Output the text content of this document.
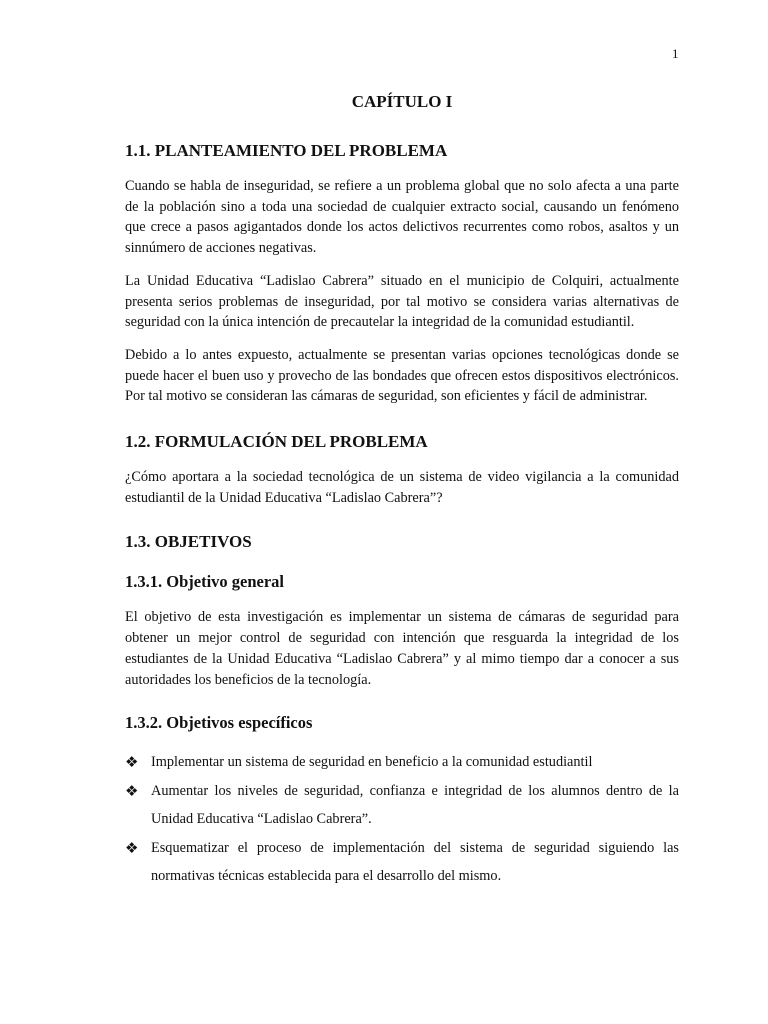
1
CAPÍTULO I
1.1. PLANTEAMIENTO DEL PROBLEMA

Cuando se habla de inseguridad, se refiere a un problema global que no solo afecta a una parte de la población sino a toda una sociedad de cualquier extracto social, causando un fenómeno que crece a pasos agigantados donde los actos delictivos recurrentes como robos, asaltos y un sinnúmero de acciones negativas.

La Unidad Educativa “Ladislao Cabrera” situado en el municipio de Colquiri, actualmente presenta serios problemas de inseguridad, por tal motivo se considera varias alternativas de seguridad con la única intención de precautelar la integridad de la comunidad estudiantil.

Debido a lo antes expuesto, actualmente se presentan varias opciones tecnológicas donde se puede hacer el buen uso y provecho de las bondades que ofrecen estos dispositivos electrónicos. Por tal motivo se consideran las cámaras de seguridad, son eficientes y fácil de administrar.

1.2. FORMULACIÓN DEL PROBLEMA

¿Cómo aportara a la sociedad tecnológica de un sistema de video vigilancia a la comunidad estudiantil de la Unidad Educativa “Ladislao Cabrera”?

1.3. OBJETIVOS
1.3.1. Objetivo general

El objetivo de esta investigación es implementar un sistema de cámaras de seguridad para obtener un mejor control de seguridad con intención que resguarda la integridad de los estudiantes de la Unidad Educativa “Ladislao Cabrera” y al mimo tiempo dar a conocer a sus autoridades los beneficios de la tecnología.

1.3.2. Objetivos específicos
❖ Implementar un sistema de seguridad en beneficio a la comunidad estudiantil
❖ Aumentar los niveles de seguridad, confianza e integridad de los alumnos dentro de la Unidad Educativa “Ladislao Cabrera”.
❖ Esquematizar el proceso de implementación del sistema de seguridad siguiendo las normativas técnicas establecida para el desarrollo del mismo.
